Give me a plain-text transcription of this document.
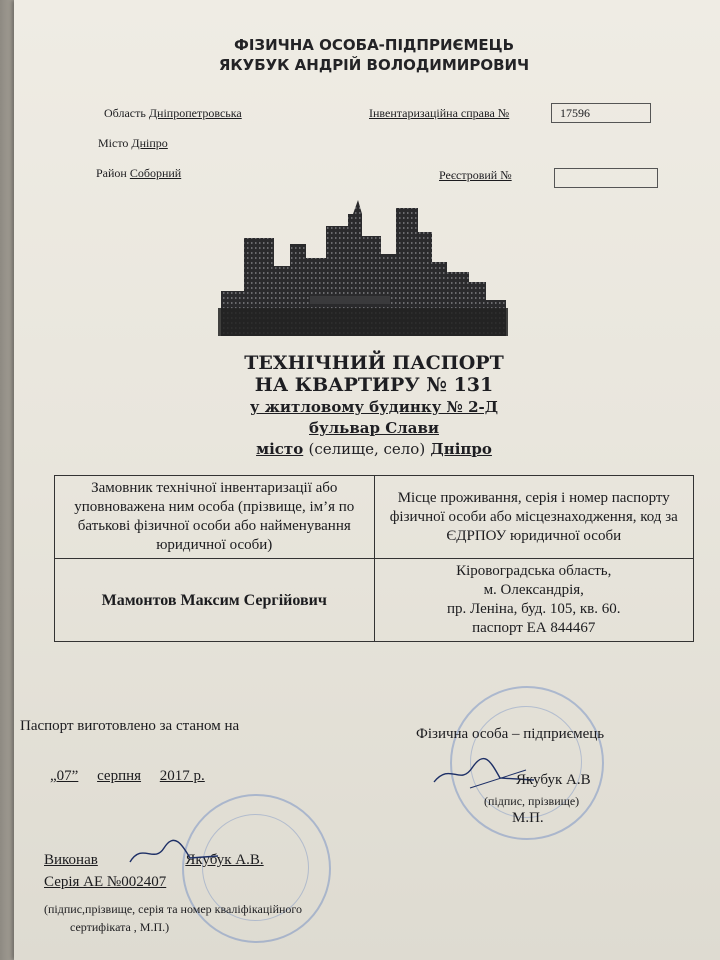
ФІЗИЧНА ОСОБА-ПІДПРИЄМЕЦЬ
ЯКУБУК АНДРІЙ ВОЛОДИМИРОВИЧ
Область Дніпропетровська	Інвентаризаційна справа №	17596
Місто Дніпро
Район Соборний	Реєстровий №
ТЕХНІЧНИЙ ПАСПОРТ
НА КВАРТИРУ № 131
у житловому будинку № 2-Д
бульвар Слави
місто (селище, село) Дніпро
Замовник технічної інвентаризації або уповноважена ним особа (прізвище, ім’я по батькові фізичної особи або найменування юридичної особи)	Місце проживання, серія і номер паспорту фізичної особи або місцезнаходження, код за ЄДРПОУ юридичної особи
Мамонтов Максим Сергійович	Кіровоградська область,
м. Олександрія,
пр. Леніна, буд. 105, кв. 60.
паспорт ЕА 844467
Паспорт виготовлено за станом на
„07” серпня 2017 р.
Фізична особа – підприємець
Якубук А.В
(підпис, прізвище)
М.П.
Виконав	Якубук А.В.
Серія АЕ №002407
(підпис,прізвище, серія та номер кваліфікаційного
сертифіката , М.П.)
